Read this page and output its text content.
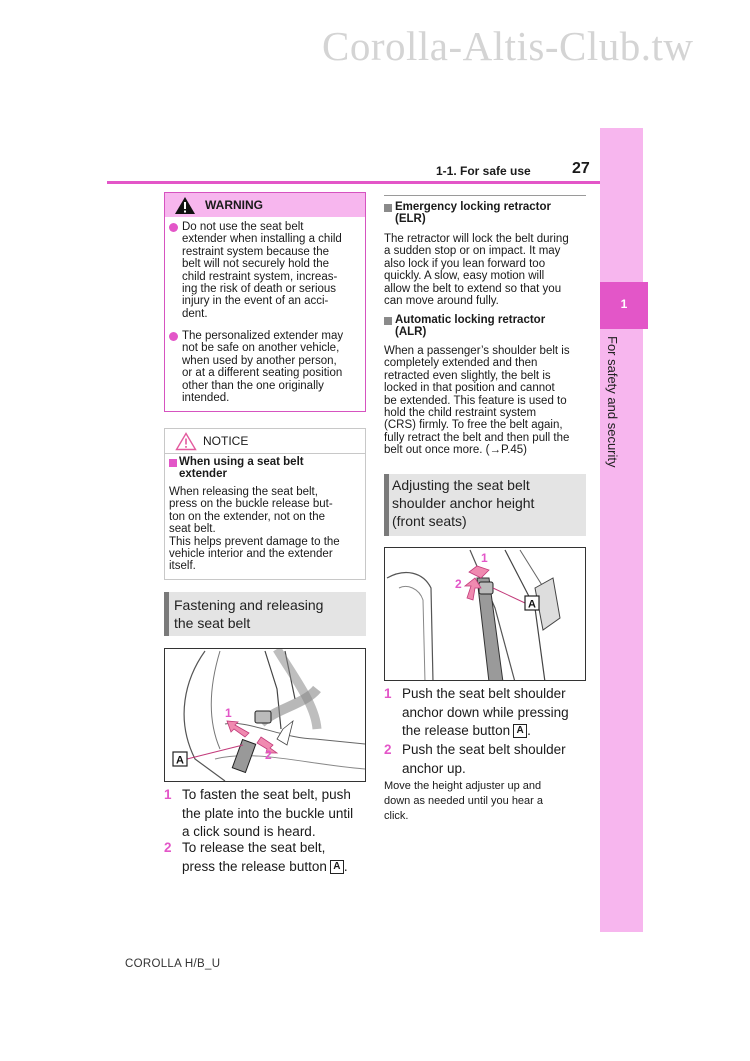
Corolla-Altis-Club.tw
1
For safety and security
1-1. For safe use	27
WARNING
Do not use the seat belt
extender when installing a child
restraint system because the
belt will not securely hold the
child restraint system, increas-
ing the risk of death or serious
injury in the event of an acci-
dent.
The personalized extender may
not be safe on another vehicle,
when used by another person,
or at a different seating position
other than the one originally
intended.
NOTICE
When using a seat belt
extender
When releasing the seat belt,
press on the buckle release but-
ton on the extender, not on the
seat belt.
This helps prevent damage to the
vehicle interior and the extender
itself.
Fastening and releasing
the seat belt
1
2
A
1 To fasten the seat belt, push
the plate into the buckle until
a click sound is heard.
2 To release the seat belt,
press the release button A .
Emergency locking retractor
(ELR)
The retractor will lock the belt during
a sudden stop or on impact. It may
also lock if you lean forward too
quickly. A slow, easy motion will
allow the belt to extend so that you
can move around fully.
Automatic locking retractor
(ALR)
When a passenger’s shoulder belt is
completely extended and then
retracted even slightly, the belt is
locked in that position and cannot
be extended. This feature is used to
hold the child restraint system
(CRS) firmly. To free the belt again,
fully retract the belt and then pull the
belt out once more. (→P.45)
Adjusting the seat belt
shoulder anchor height
(front seats)
1
2
A
1 Push the seat belt shoulder
anchor down while pressing
the release button A .
2 Push the seat belt shoulder
anchor up.
Move the height adjuster up and
down as needed until you hear a
click.
COROLLA H/B_U
